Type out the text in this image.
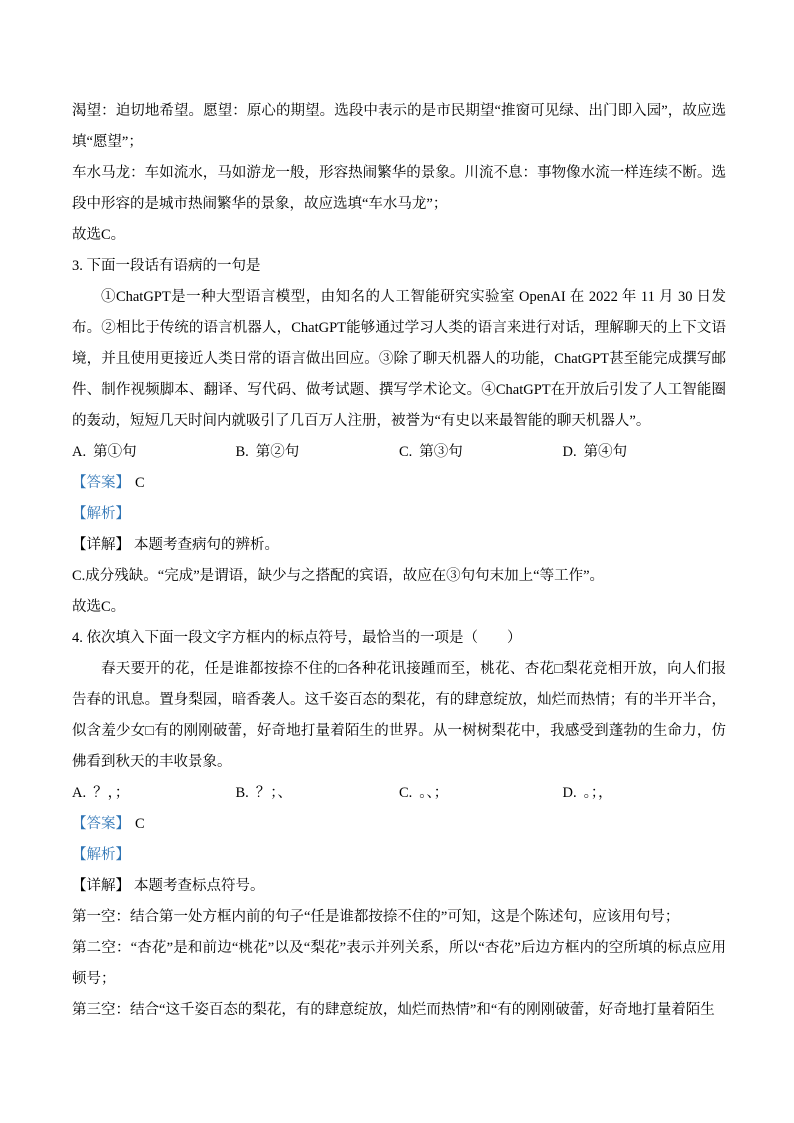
渴望：迫切地希望。愿望：原心的期望。选段中表示的是市民期望“推窗可见绿、出门即入园”，故应选填“愿望”；

车水马龙：车如流水，马如游龙一般，形容热闹繁华的景象。川流不息：事物像水流一样连续不断。选段中形容的是城市热闹繁华的景象，故应选填“车水马龙”；

故选C。

3. 下面一段话有语病的一句是

①ChatGPT是一种大型语言模型，由知名的人工智能研究实验室 OpenAI 在 2022 年 11 月 30 日发布。②相比于传统的语言机器人，ChatGPT能够通过学习人类的语言来进行对话，理解聊天的上下文语境，并且使用更接近人类日常的语言做出回应。③除了聊天机器人的功能，ChatGPT甚至能完成撰写邮件、制作视频脚本、翻译、写代码、做考试题、撰写学术论文。④ChatGPT在开放后引发了人工智能圈的轰动，短短几天时间内就吸引了几百万人注册，被誉为“有史以来最智能的聊天机器人”。

A. 第①句	B. 第②句	C. 第③句	D. 第④句

【答案】 C

【解析】

【详解】 本题考查病句的辨析。

C.成分残缺。“完成”是谓语，缺少与之搭配的宾语，故应在③句句末加上“等工作”。

故选C。

4. 依次填入下面一段文字方框内的标点符号，最恰当的一项是（　　）

春天要开的花，任是谁都按捺不住的□各种花讯接踵而至，桃花、杏花□梨花竞相开放，向人们报告春的讯息。置身梨园，暗香袭人。这千姿百态的梨花，有的肆意绽放，灿烂而热情；有的半开半合，似含羞少女□有的刚刚破蕾，好奇地打量着陌生的世界。从一树树梨花中，我感受到蓬勃的生命力，仿佛看到秋天的丰收景象。

A. ？，；	B. ？；、	C. 。、；	D. 。；，

【答案】 C

【解析】

【详解】 本题考查标点符号。

第一空：结合第一处方框内前的句子“任是谁都按捺不住的”可知，这是个陈述句，应该用句号；

第二空：“杏花”是和前边“桃花”以及“梨花”表示并列关系，所以“杏花”后边方框内的空所填的标点应用顿号；

第三空：结合“这千姿百态的梨花，有的肆意绽放，灿烂而热情”和“有的刚刚破蕾，好奇地打量着陌生
